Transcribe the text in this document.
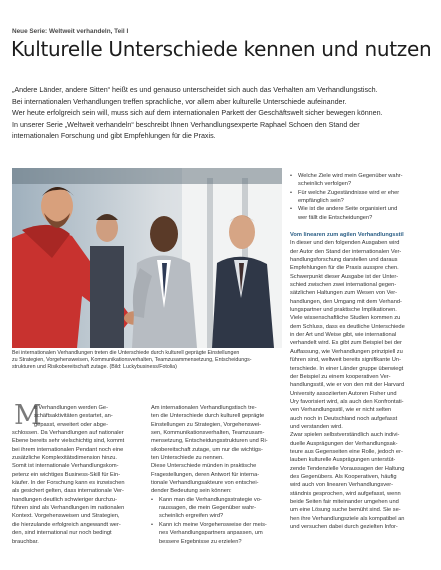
Neue Serie: Weltweit verhandeln, Teil I
Kulturelle Unterschiede kennen und nutzen

„Andere Länder, andere Sitten“ heißt es und genauso unterscheidet sich auch das Verhalten am Verhandlungstisch.

Bei internationalen Verhandlungen treffen sprachliche, vor allem aber kulturelle Unterschiede aufeinander.

Wer heute erfolgreich sein will, muss sich auf dem internationalen Parkett der Geschäftswelt sicher bewegen können.

In unserer Serie „Weltweit verhandeln“ beschreibt Ihnen Verhandlungsexperte Raphael Schoen den Stand der

internationalen Forschung und gibt Empfehlungen für die Praxis.

Bei internationalen Verhandlungen treten die Unterschiede durch kulturell geprägte Einstellungen

zu Strategien, Vorgehensweisen, Kommunikationsverhalten, Teamzusammensetzung, Entscheidungs-

strukturen und Risikobereitschaft zutage. (Bild: Luckybusiness/Fotolia)

M

it Verhandlungen werden Ge-

schäftsaktivitäten gestartet, an-

gepasst, erweitert oder abge-

schlossen. Da Verhandlungen auf nationaler

Ebene bereits sehr vielschichtig sind, kommt

bei ihrem internationalen Pendant noch eine

zusätzliche Komplexitätsdimension hinzu.

Somit ist internationale Verhandlungskom-

petenz ein wichtiges Business-Skill für Ein-

käufer. In der Forschung kann es inzwischen

als gesichert gelten, dass internationale Ver-

handlungen deutlich schwieriger durchzu-

führen sind als Verhandlungen im nationalen

Kontext. Vorgehensweisen und Strategien,

die hierzulande erfolgreich angewandt wer-

den, sind international nur noch bedingt

brauchbar.

Am internationalen Verhandlungstisch tre-

ten die Unterschiede durch kulturell geprägte

Einstellungen zu Strategien, Vorgehenswei-

sen, Kommunikationsverhalten, Teamzusam-

mensetzung, Entscheidungsstrukturen und Ri-

sikobereitschaft zutage, um nur die wichtigs-

ten Unterschiede zu nennen.

Diese Unterschiede münden in praktische

Fragestellungen, deren Antwort für interna-

tionale Verhandlungsakteure von entschei-

dender Bedeutung sein können:

•	Kann man die Verhandlungsstrategie vo-

raussagen, die mein Gegenüber wahr-

scheinlich ergreifen wird?

•	Kann ich meine Vorgehensweise der meis-

nes Verhandlungspartners anpassen, um

bessere Ergebnisse zu erzielen?

•	Welche Ziele wird mein Gegenüber wahr-

scheinlich verfolgen?

•	Für welche Zugeständnisse wird er eher

empfänglich sein?

•	Wie ist die andere Seite organisiert und

wer fällt die Entscheidungen?

Vom linearen zum agilen Verhandlungsstil

In dieser und den folgenden Ausgaben wird

der Autor den Stand der internationalen Ver-

handlungsforschung darstellen und daraus

Empfehlungen für die Praxis ausspre chen.

Schwerpunkt dieser Ausgabe ist der Unter-

schied zwischen zwei international gegen-

sätzlichen Haltungen zum Wesen von Ver-

handlungen, den Umgang mit dem Verhand-

lungspartner und praktische Implikationen.

Viele wissenschaftliche Studien kommen zu

dem Schluss, dass es deutliche Unterschiede

in der Art und Weise gibt, wie international

verhandelt wird. Es gibt zum Beispiel bei der

Auffassung, wie Verhandlungen prinzipiell zu

führen sind, weltweit bereits signifikante Un-

terschiede. In einer Länder gruppe überwiegt

der Beispiel zu einem kooperativen Ver-

handlungsstil, wie er von den mit der Harvard

University assoziierten Autoren Fisher und

Ury favorisiert wird, als auch den Konfrontati-

ven Verhandlungsstil, wie er nicht selten

auch noch in Deutschland noch aufgefasst

und verstanden wird.

Zwar spielen selbstverständlich auch indivi-

duelle Ausprägungen der Verhandlungsak-

teure aus Gegenseiten eine Rolle, jedoch er-

lauben kulturelle Ausprägungen unterstüt-

zende Tendenzielle Voraussagen der Haltung

des Gegenübers. Als Kooperativen, häufig

wird auch von linearen Verhandlungsver-

ständnis gesprochen, wird aufgefasst, wenn

beide Seiten fair miteinander umgehen und

um eine Lösung suche bemüht sind. Sie se-

hen ihre Verhandlungsziele als kompatibel an

und versuchen dabei durch gezielten Infor-
